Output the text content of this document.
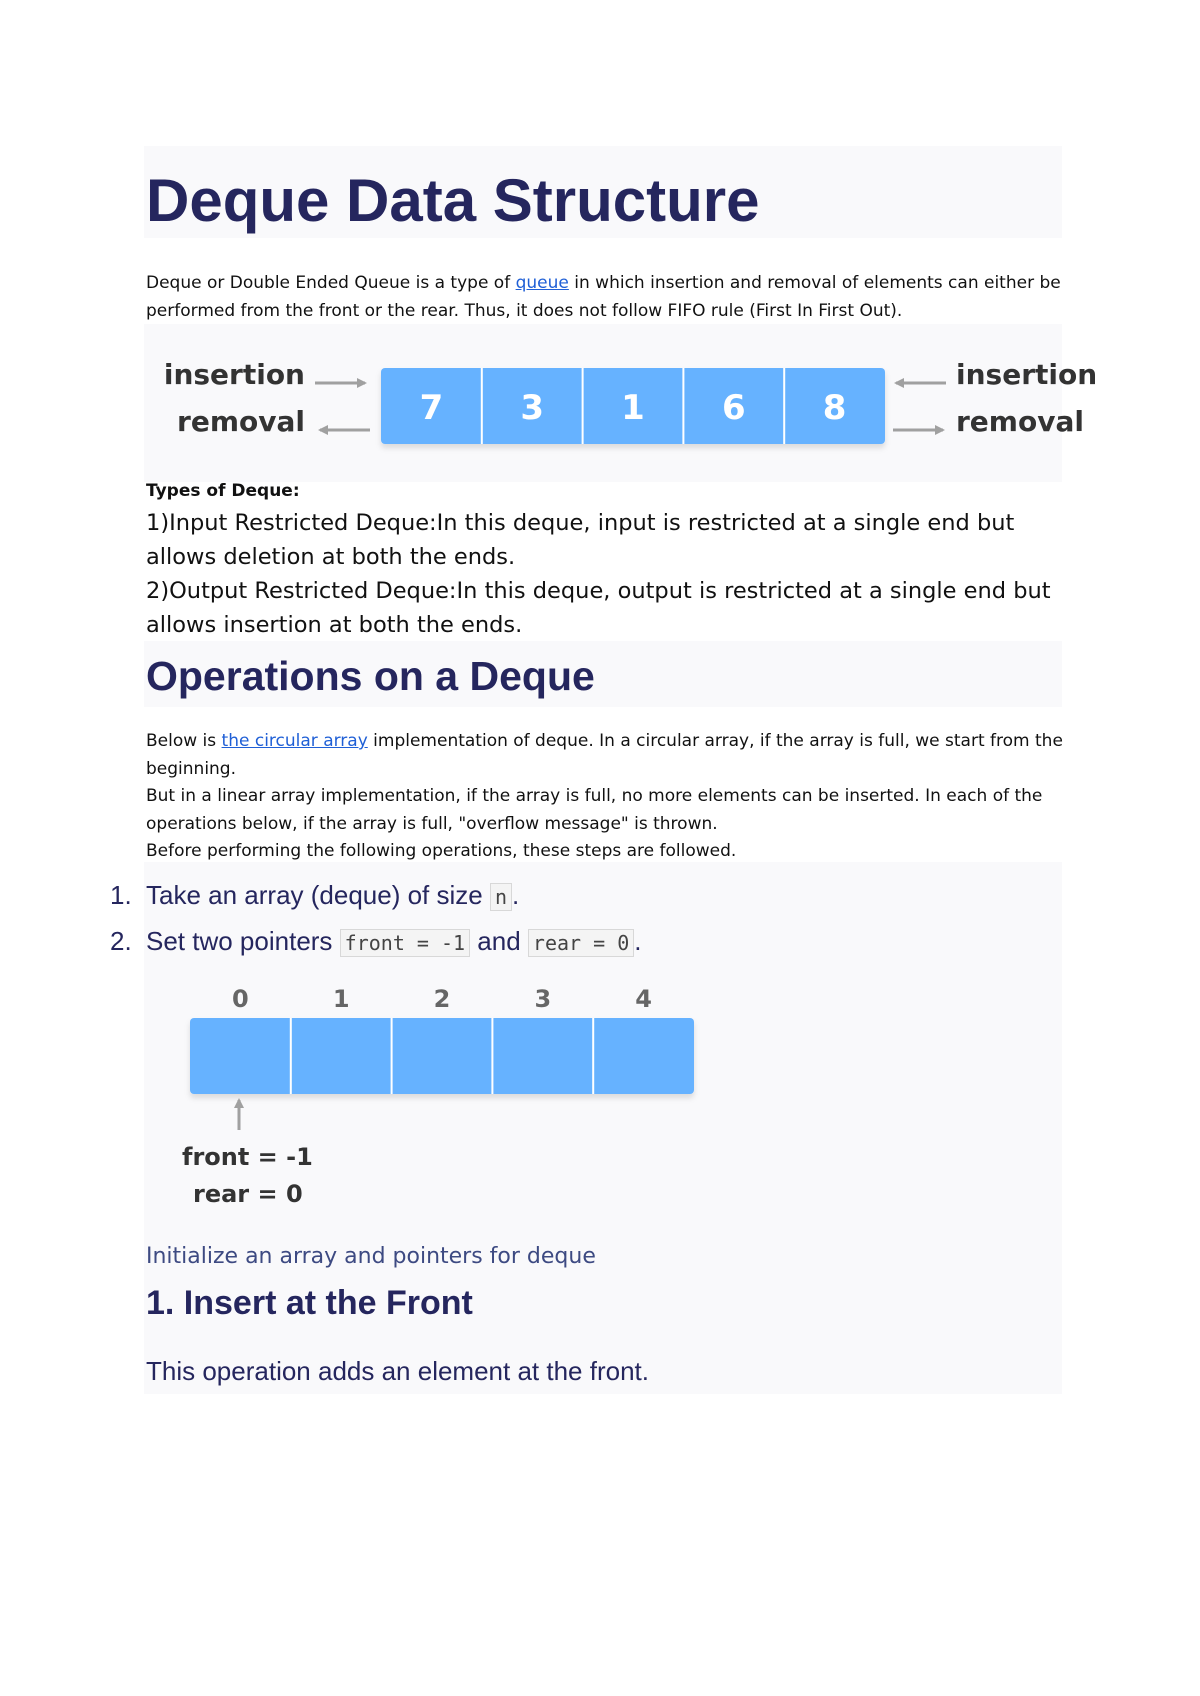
Deque Data Structure

Deque or Double Ended Queue is a type of queue in which insertion and removal of elements can either be performed from the front or the rear. Thus, it does not follow FIFO rule (First In First Out).

7 3 1 6 8
insertion
removal
insertion
removal

Types of Deque:

1)Input Restricted Deque:In this deque, input is restricted at a single end but allows deletion at both the ends.

2)Output Restricted Deque:In this deque, output is restricted at a single end but allows insertion at both the ends.

Operations on a Deque

Below is the circular array implementation of deque. In a circular array, if the array is full, we start from the beginning.

But in a linear array implementation, if the array is full, no more elements can be inserted. In each of the operations below, if the array is full, "overflow message" is thrown.

Before performing the following operations, these steps are followed.

1. Take an array (deque) of size n .

2. Set two pointers front = -1 and rear = 0 .

0	1	2	3	4
front = -1
rear = 0

Initialize an array and pointers for deque

1. Insert at the Front

This operation adds an element at the front.
